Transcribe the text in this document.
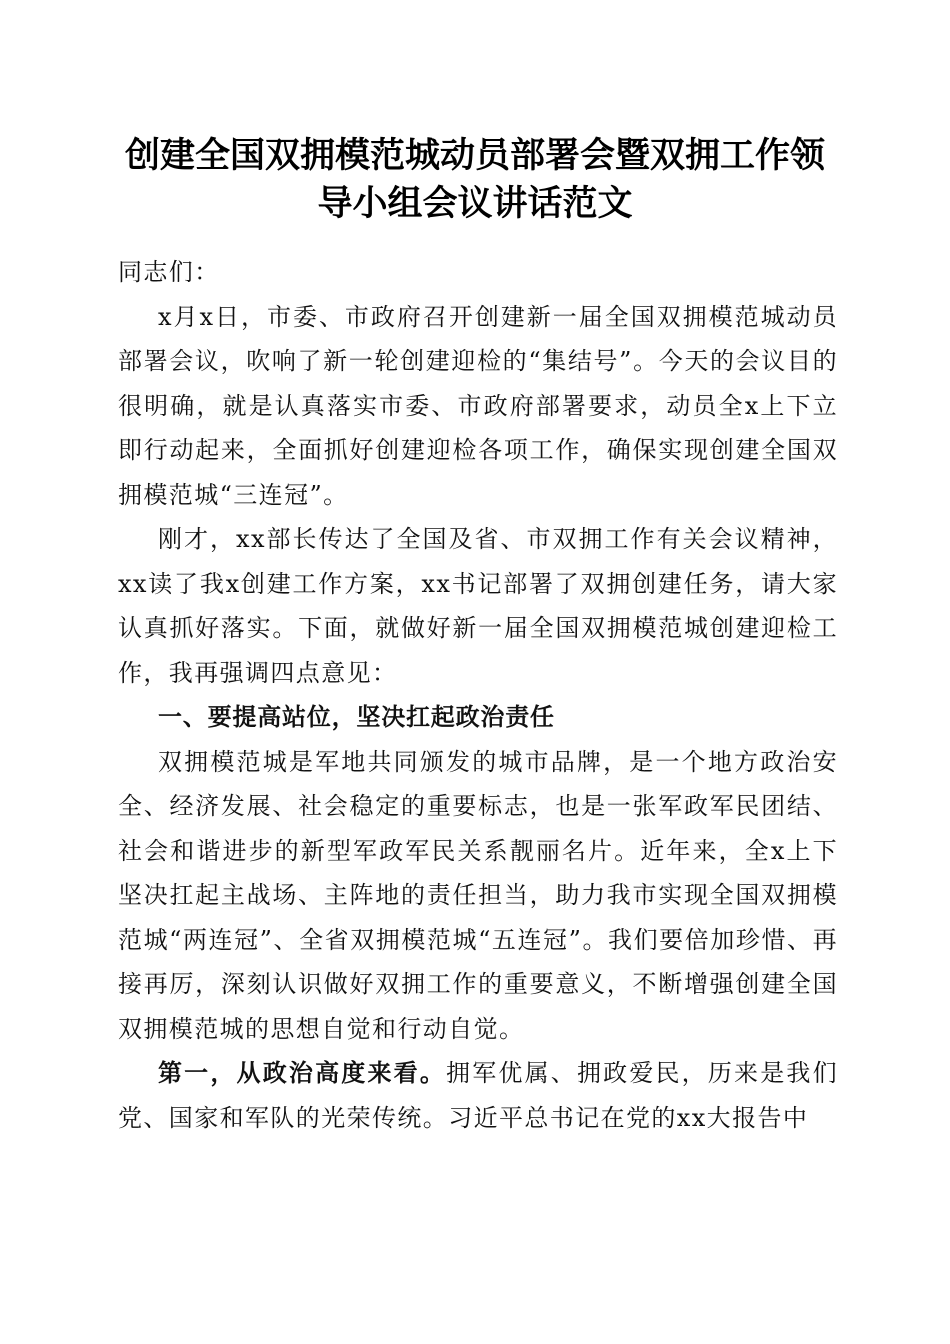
创建全国双拥模范城动员部署会暨双拥工作领
导小组会议讲话范文

同志们：

x月x日，市委、市政府召开创建新一届全国双拥模范城动员部署会议，吹响了新一轮创建迎检的“集结号”。今天的会议目的很明确，就是认真落实市委、市政府部署要求，动员全x上下立即行动起来，全面抓好创建迎检各项工作，确保实现创建全国双拥模范城“三连冠”。

刚才，xx部长传达了全国及省、市双拥工作有关会议精神，xx读了我x创建工作方案，xx书记部署了双拥创建任务，请大家认真抓好落实。下面，就做好新一届全国双拥模范城创建迎检工作，我再强调四点意见：

一、要提高站位，坚决扛起政治责任

双拥模范城是军地共同颁发的城市品牌，是一个地方政治安全、经济发展、社会稳定的重要标志，也是一张军政军民团结、社会和谐进步的新型军政军民关系靓丽名片。近年来，全x上下坚决扛起主战场、主阵地的责任担当，助力我市实现全国双拥模范城“两连冠”、全省双拥模范城“五连冠”。我们要倍加珍惜、再接再厉，深刻认识做好双拥工作的重要意义，不断增强创建全国双拥模范城的思想自觉和行动自觉。

第一，从政治高度来看。拥军优属、拥政爱民，历来是我们党、国家和军队的光荣传统。习近平总书记在党的xx大报告中
